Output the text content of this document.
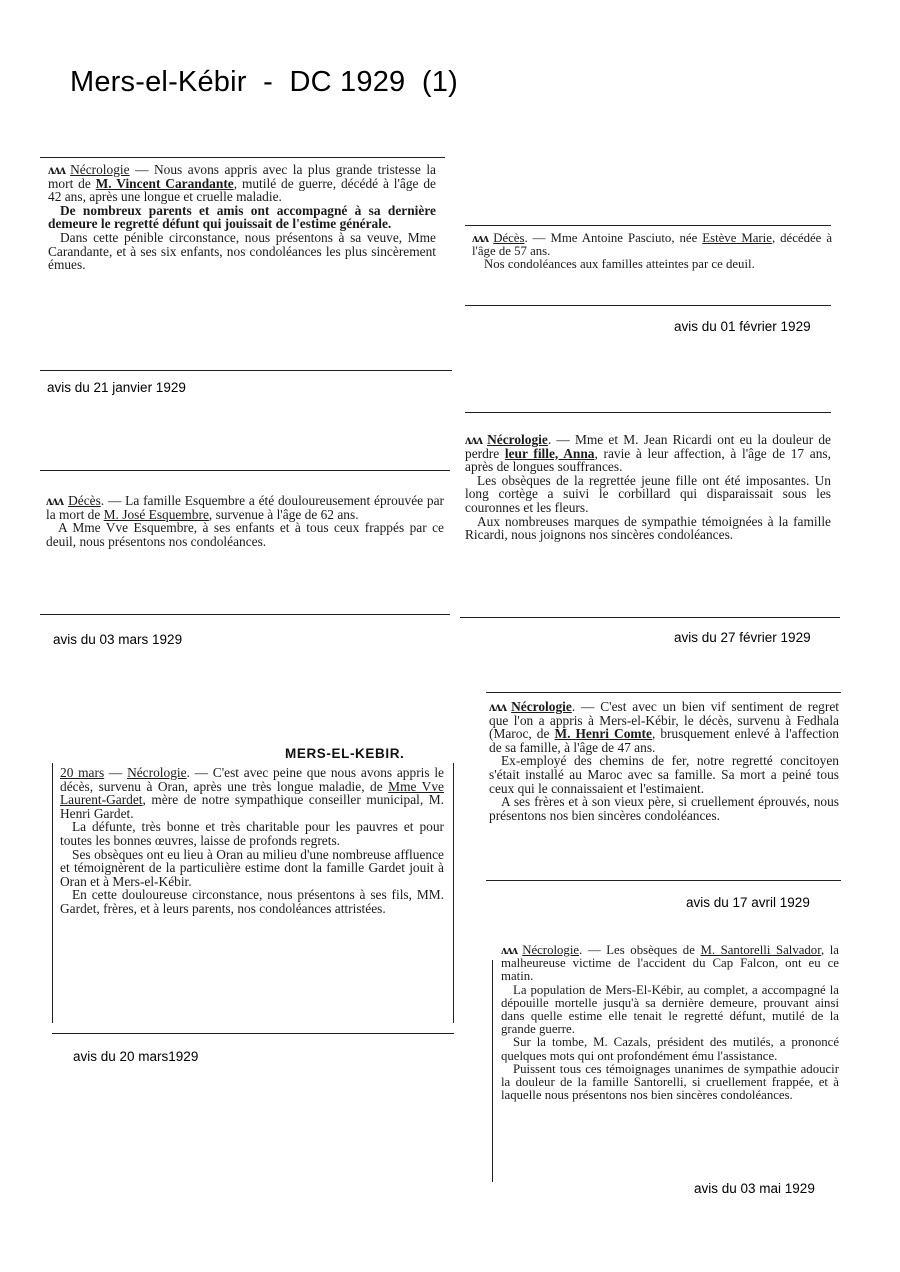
Mers-el-Kébir  -  DC 1929  (1)

ʌʌʌ Nécrologie — Nous avons appris avec la plus grande tristesse la mort de M. Vincent Carandante, mutilé de guerre, décédé à l'âge de 42 ans, après une longue et cruelle maladie.

De nombreux parents et amis ont accompagné à sa dernière demeure le regretté défunt qui jouissait de l'estime générale.

Dans cette pénible circonstance, nous présentons à sa veuve, Mme Carandante, et à ses six enfants, nos condoléances les plus sincèrement émues.

avis du 21 janvier 1929

ʌʌʌ Décès. — Mme Antoine Pasciuto, née Estève Marie, décédée à l'âge de 57 ans.

Nos condoléances aux familles atteintes par ce deuil.

avis du 01 février 1929

ʌʌʌ Nécrologie. — Mme et M. Jean Ricardi ont eu la douleur de perdre leur fille, Anna, ravie à leur affection, à l'âge de 17 ans, après de longues souffrances.

Les obsèques de la regrettée jeune fille ont été imposantes. Un long cortège a suivi le corbillard qui disparaissait sous les couronnes et les fleurs.

Aux nombreuses marques de sympathie témoignées à la famille Ricardi, nous joignons nos sincères condoléances.

avis du 27 février 1929

ʌʌʌ Décès. — La famille Esquembre a été douloureusement éprouvée par la mort de M. José Esquembre, survenue à l'âge de 62 ans.

A Mme Vve Esquembre, à ses enfants et à tous ceux frappés par ce deuil, nous présentons nos condoléances.

avis du 03 mars 1929

ʌʌʌ Nécrologie. — C'est avec un bien vif sentiment de regret que l'on a appris à Mers-el-Kébir, le décès, survenu à Fedhala (Maroc, de M. Henri Comte, brusquement enlevé à l'affection de sa famille, à l'âge de 47 ans.

Ex-employé des chemins de fer, notre regretté concitoyen s'était installé au Maroc avec sa famille. Sa mort a peiné tous ceux qui le connaissaient et l'estimaient.

A ses frères et à son vieux père, si cruellement éprouvés, nous présentons nos bien sincères condoléances.

avis du 17 avril 1929
MERS-EL-KEBIR.

20 mars — Nécrologie. — C'est avec peine que nous avons appris le décès, survenu à Oran, après une très longue maladie, de Mme Vve Laurent-Gardet, mère de notre sympathique conseiller municipal, M. Henri Gardet.

La défunte, très bonne et très charitable pour les pauvres et pour toutes les bonnes œuvres, laisse de profonds regrets.

Ses obsèques ont eu lieu à Oran au milieu d'une nombreuse affluence et témoignèrent de la particulière estime dont la famille Gardet jouit à Oran et à Mers-el-Kébir.

En cette douloureuse circonstance, nous présentons à ses fils, MM. Gardet, frères, et à leurs parents, nos condoléances attristées.

avis du 20 mars1929

ʌʌʌ Nécrologie. — Les obsèques de M. Santorelli Salvador, la malheureuse victime de l'accident du Cap Falcon, ont eu ce matin.

La population de Mers-El-Kébir, au complet, a accompagné la dépouille mortelle jusqu'à sa dernière demeure, prouvant ainsi dans quelle estime elle tenait le regretté défunt, mutilé de la grande guerre.

Sur la tombe, M. Cazals, président des mutilés, a prononcé quelques mots qui ont profondément ému l'assistance.

Puissent tous ces témoignages unanimes de sympathie adoucir la douleur de la famille Santorelli, si cruellement frappée, et à laquelle nous présentons nos bien sincères condoléances.

avis du 03 mai 1929
